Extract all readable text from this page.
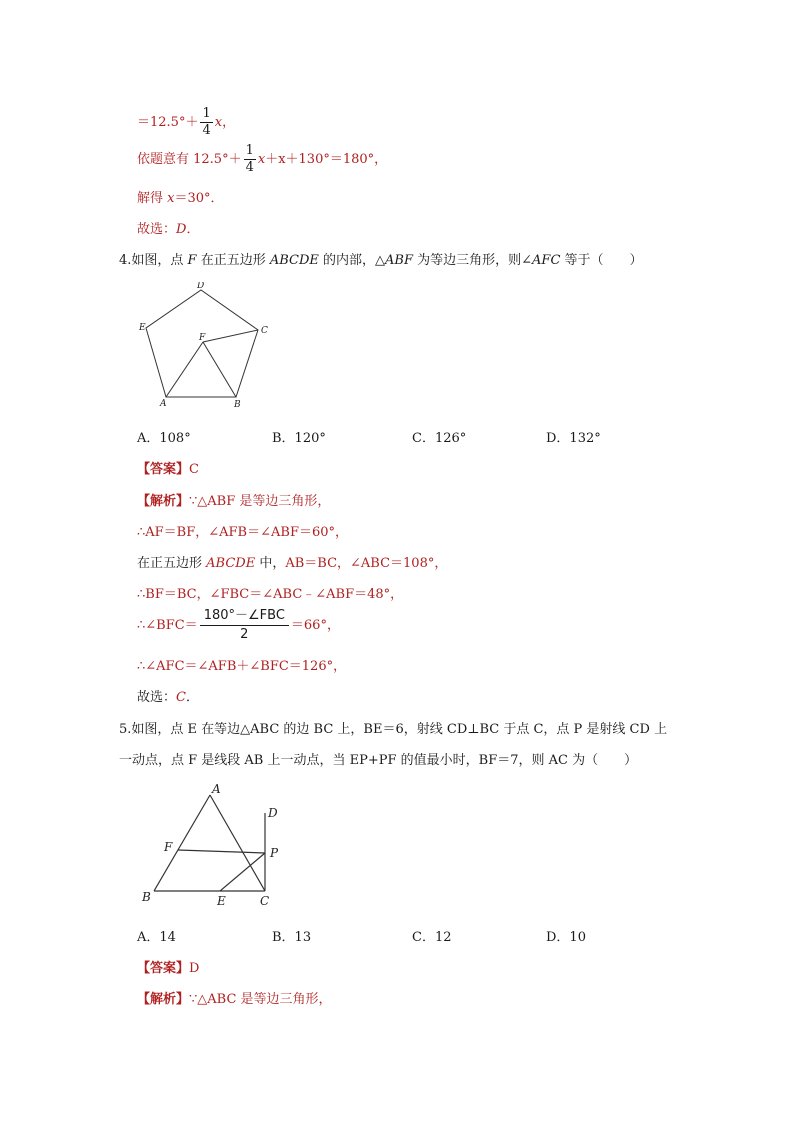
$=12.5^\circ+ \frac{1}{4}$ x，
依题意有 $12.5^\circ+ \frac{1}{4} x+x+130^\circ=180^\circ$，
解得 x＝30°．
故选：D．
4.如图，点 F 在正五边形 ABCDE 的内部，△ABF 为等边三角形，则∠AFC 等于（　　）
A	B
C
D
E
F
A．108°	B．120°	C．126°	D．132°
【答案】C
【解析】∵△ABF 是等边三角形，
∴AF＝BF，∠AFB＝∠ABF＝60°，
在正五边形 ABCDE 中，AB＝BC，∠ABC＝108°，
∴BF＝BC，∠FBC＝∠ABC﹣∠ABF＝48°，
∴∠BFC＝ $\frac{\text{180°－∠FBC}}{2} =66^\circ$，
∴∠AFC＝∠AFB＋∠BFC＝126°，
故选：C．
5.如图，点 E 在等边△ABC 的边 BC 上，BE＝6，射线 CD⊥BC 于点 C，点 P 是射线 CD 上
一动点，点 F 是线段 AB 上一动点，当 EP+PF 的值最小时，BF＝7，则 AC 为（　　）
A
B	C
D
E
F	P
A．14	B．13	C．12	D．10
【答案】D
【解析】∵△ABC 是等边三角形，
